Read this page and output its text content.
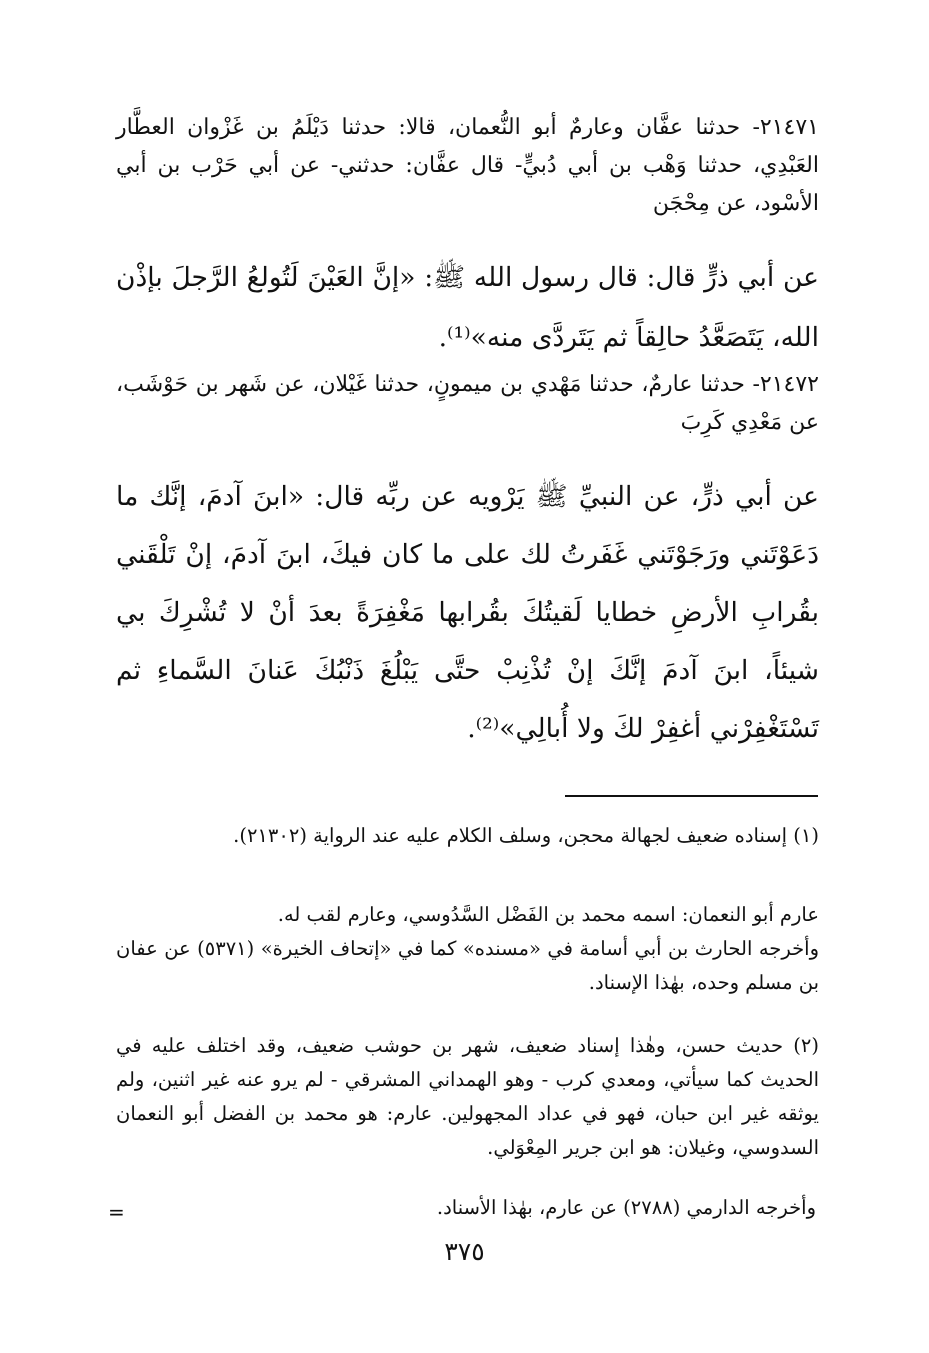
٢١٤٧١- حدثنا عفَّان وعارمٌ أبو النُّعمان، قالا: حدثنا دَيْلَمُ بن غَزْوان العطَّار العَبْدِي، حدثنا وَهْب بن أبي دُبيٍّ- قال عفَّان: حدثني- عن أبي حَرْب بن أبي الأسْود، عن مِحْجَن

عن أبي ذرٍّ قال: قال رسول الله ﷺ: «إنَّ العَيْنَ لَتُولعُ الرَّجلَ بإذْن الله، يَتَصَعَّدُ حالِقاً ثم يَتَردَّى منه»⁽¹⁾.

٢١٤٧٢- حدثنا عارمٌ، حدثنا مَهْدي بن ميمونٍ، حدثنا غَيْلان، عن شَهر بن حَوْشَب، عن مَعْدِي كَرِبَ

عن أبي ذرٍّ، عن النبيِّ ﷺ يَرْويه عن ربِّه قال: «ابنَ آدمَ، إنَّك ما دَعَوْتَني ورَجَوْتَني غَفَرتُ لك على ما كان فيكَ، ابنَ آدمَ، إنْ تَلْقَني بقُرابِ الأرضِ خطايا لَقيتُكَ بقُرابها مَغْفِرَةً بعدَ أنْ لا تُشْرِكَ بي شيئاً، ابنَ آدمَ إنَّكَ إنْ تُذْنِبْ حتَّى يَبْلُغَ ذَنْبُكَ عَنانَ السَّماءِ ثم تَسْتَغْفِرْني أغفِرْ لكَ ولا أُبالِي»⁽²⁾.

(١) إسناده ضعيف لجهالة محجن، وسلف الكلام عليه عند الرواية (٢١٣٠٢).

عارم أبو النعمان: اسمه محمد بن الفَضْل السَّدُوسي، وعارم لقب له.

وأخرجه الحارث بن أبي أسامة في «مسنده» كما في «إتحاف الخيرة» (٥٣٧١) عن عفان بن مسلم وحده، بهٰذا الإسناد.

(٢) حديث حسن، وهٰذا إسناد ضعيف، شهر بن حوشب ضعيف، وقد اختلف عليه في الحديث كما سيأتي، ومعدي كرب - وهو الهمداني المشرقي - لم يرو عنه غير اثنين، ولم يوثقه غير ابن حبان، فهو في عداد المجهولين. عارم: هو محمد بن الفضل أبو النعمان السدوسي، وغيلان: هو ابن جرير المِعْوَلي.

وأخرجه الدارمي (٢٧٨٨) عن عارم، بهٰذا الأسناد.

=
٣٧٥
